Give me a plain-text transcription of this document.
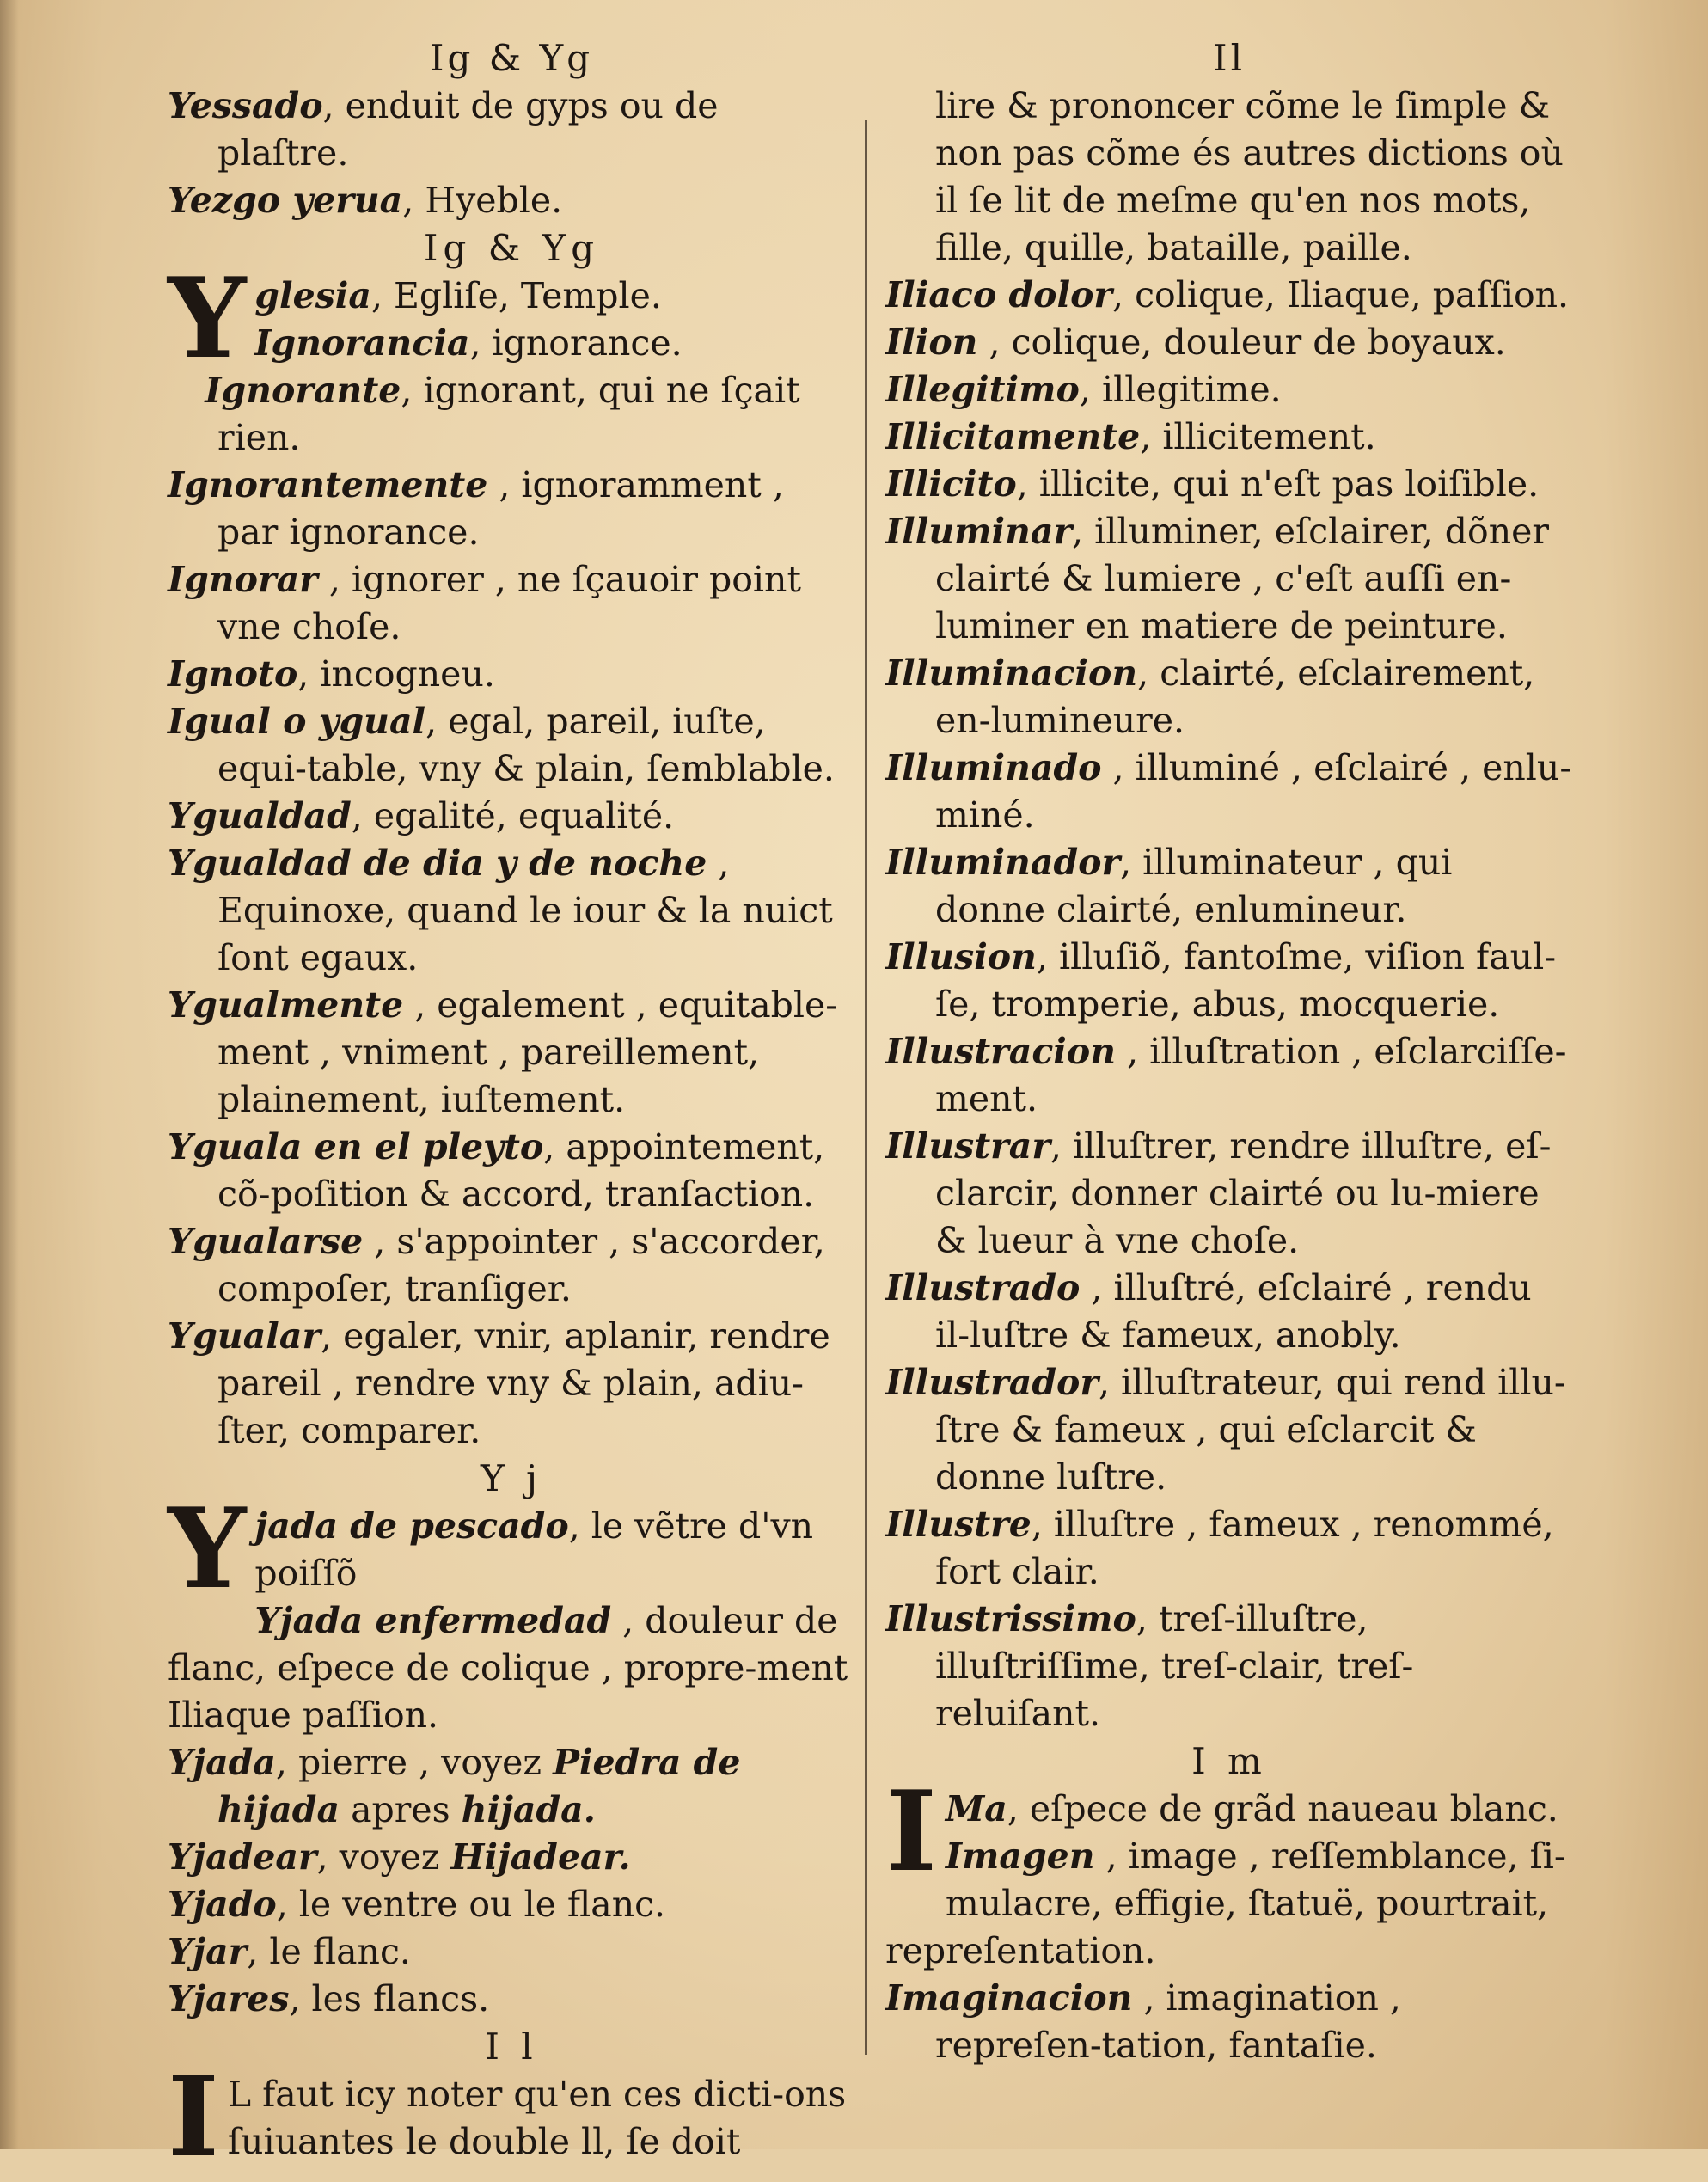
Ig & Yg

Yessado, enduit de gyps ou de plaſtre.

Yezgo yerua, Hyeble.

Ig & Yg

Yglesia, Egliſe, Temple.
Ignorancia, ignorance.

Ignorante, ignorant, qui ne ſçait rien.

Ignorantemente , ignoramment , par ignorance.

Ignorar , ignorer , ne ſçauoir point vne choſe.

Ignoto, incogneu.

Igual o ygual, egal, pareil, iuſte, equi-table, vny & plain, ſemblable.

Ygualdad, egalité, equalité.

Ygualdad de dia y de noche , Equinoxe, quand le iour & la nuict ſont egaux.

Ygualmente , egalement , equitable-ment , vniment , pareillement, plainement, iuſtement.

Yguala en el pleyto, appointement, cõ-poſition & accord, tranſaction.

Ygualarse , s'appointer , s'accorder, compoſer, tranſiger.

Ygualar, egaler, vnir, aplanir, rendre pareil , rendre vny & plain, adiu-ſter, comparer.

Y j

Yjada de pescado, le vẽtre d'vn poiſſõ
Yjada enfermedad , douleur de flanc, eſpece de colique , propre-ment Iliaque paſſion.

Yjada, pierre , voyez Piedra de hijada apres hijada.

Yjadear, voyez Hijadear.

Yjado, le ventre ou le flanc.

Yjar, le flanc.

Yjares, les flancs.

I l

I L faut icy noter qu'en ces dicti-ons ſuiuantes le double ll, ſe doit

Il

lire & prononcer cõme le ſimple & non pas cõme és autres dictions où il ſe lit de meſme qu'en nos mots, fille, quille, bataille, paille.

Iliaco dolor, colique, Iliaque, paſſion.

Ilion , colique, douleur de boyaux.

Illegitimo, illegitime.

Illicitamente, illicitement.

Illicito, illicite, qui n'eſt pas loiſible.

Illuminar, illuminer, eſclairer, dõner clairté & lumiere , c'eſt auſſi en-luminer en matiere de peinture.

Illuminacion, clairté, eſclairement, en-lumineure.

Illuminado , illuminé , eſclairé , enlu-miné.

Illuminador, illuminateur , qui donne clairté, enlumineur.

Illusion, illuſiõ, fantoſme, viſion faul-ſe, tromperie, abus, mocquerie.

Illustracion , illuſtration , eſclarciſſe-ment.

Illustrar, illuſtrer, rendre illuſtre, eſ-clarcir, donner clairté ou lu-miere & lueur à vne choſe.

Illustrado , illuſtré, eſclairé , rendu il-luſtre & fameux, anobly.

Illustrador, illuſtrateur, qui rend illu-ſtre & fameux , qui eſclarcit & donne luſtre.

Illustre, illuſtre , fameux , renommé, fort clair.

Illustrissimo, treſ-illuſtre, illuſtriſſime, treſ-clair, treſ-reluiſant.

I m

I Ma, eſpece de grãd naueau blanc.
Imagen , image , reſſemblance, ſi-mulacre, effigie, ſtatuë, pourtrait, repreſentation.

Imaginacion , imagination , repreſen-tation, fantaſie.
